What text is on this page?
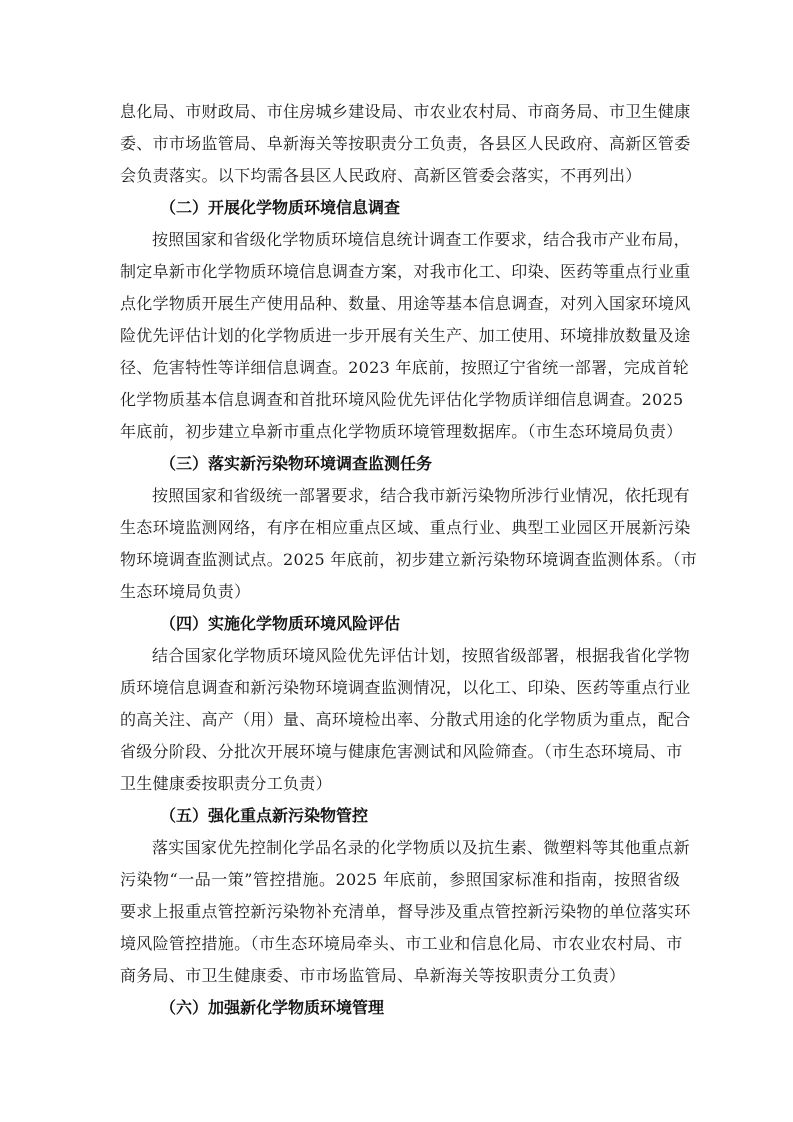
息化局、市财政局、市住房城乡建设局、市农业农村局、市商务局、市卫生健康
委、市市场监管局、阜新海关等按职责分工负责，各县区人民政府、高新区管委
会负责落实。以下均需各县区人民政府、高新区管委会落实，不再列出）
（二）开展化学物质环境信息调查
按照国家和省级化学物质环境信息统计调查工作要求，结合我市产业布局，
制定阜新市化学物质环境信息调查方案，对我市化工、印染、医药等重点行业重
点化学物质开展生产使用品种、数量、用途等基本信息调查，对列入国家环境风
险优先评估计划的化学物质进一步开展有关生产、加工使用、环境排放数量及途
径、危害特性等详细信息调查。2023 年底前，按照辽宁省统一部署，完成首轮
化学物质基本信息调查和首批环境风险优先评估化学物质详细信息调查。2025
年底前，初步建立阜新市重点化学物质环境管理数据库。（市生态环境局负责）
（三）落实新污染物环境调查监测任务
按照国家和省级统一部署要求，结合我市新污染物所涉行业情况，依托现有
生态环境监测网络，有序在相应重点区域、重点行业、典型工业园区开展新污染
物环境调查监测试点。2025 年底前，初步建立新污染物环境调查监测体系。（市
生态环境局负责）
（四）实施化学物质环境风险评估
结合国家化学物质环境风险优先评估计划，按照省级部署，根据我省化学物
质环境信息调查和新污染物环境调查监测情况，以化工、印染、医药等重点行业
的高关注、高产（用）量、高环境检出率、分散式用途的化学物质为重点，配合
省级分阶段、分批次开展环境与健康危害测试和风险筛查。（市生态环境局、市
卫生健康委按职责分工负责）
（五）强化重点新污染物管控
落实国家优先控制化学品名录的化学物质以及抗生素、微塑料等其他重点新
污染物“一品一策”管控措施。2025 年底前，参照国家标准和指南，按照省级
要求上报重点管控新污染物补充清单，督导涉及重点管控新污染物的单位落实环
境风险管控措施。（市生态环境局牵头、市工业和信息化局、市农业农村局、市
商务局、市卫生健康委、市市场监管局、阜新海关等按职责分工负责）
（六）加强新化学物质环境管理
